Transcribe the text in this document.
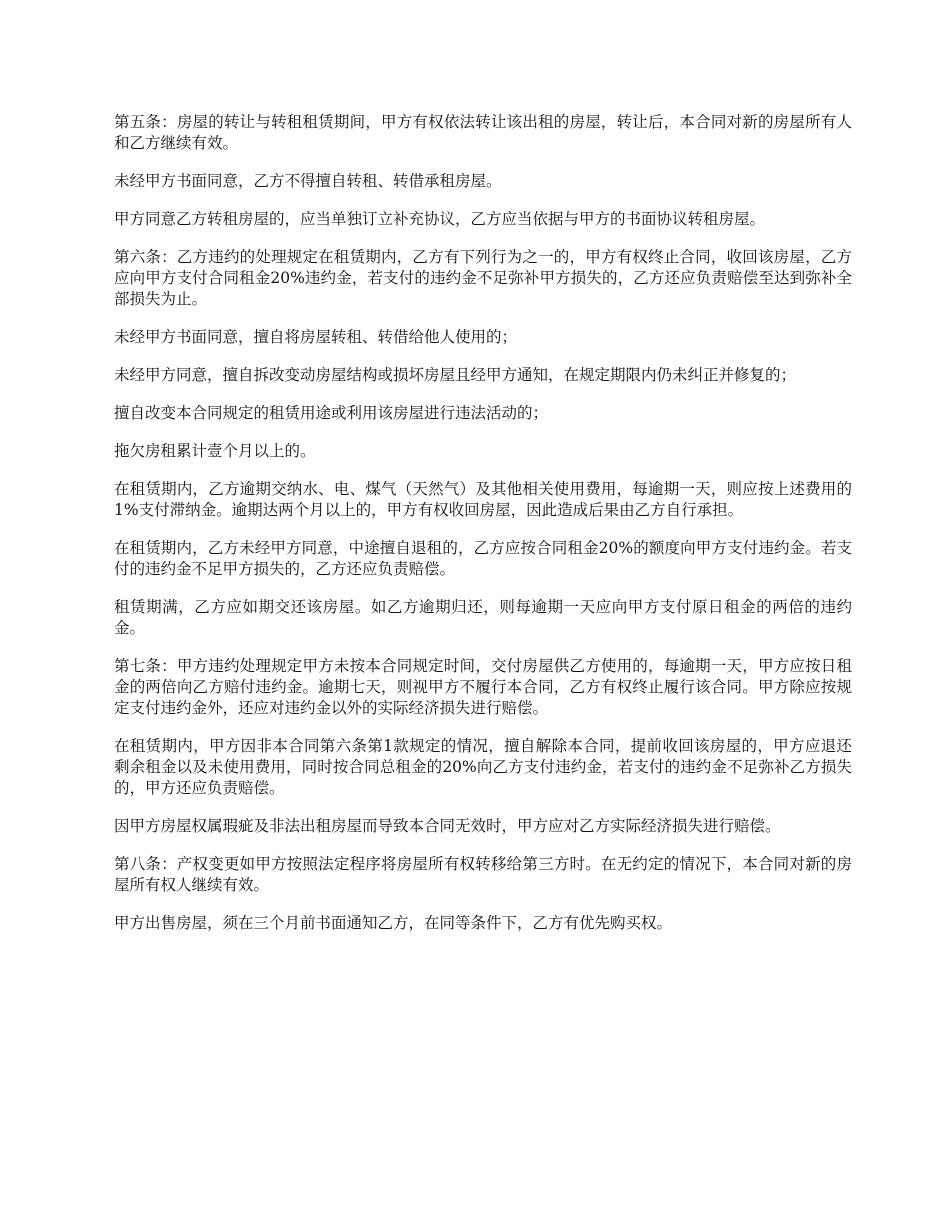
第五条：房屋的转让与转租租赁期间，甲方有权依法转让该出租的房屋，转让后，本合同对新的房屋所有人和乙方继续有效。

未经甲方书面同意，乙方不得擅自转租、转借承租房屋。

甲方同意乙方转租房屋的，应当单独订立补充协议，乙方应当依据与甲方的书面协议转租房屋。

第六条：乙方违约的处理规定在租赁期内，乙方有下列行为之一的，甲方有权终止合同，收回该房屋，乙方应向甲方支付合同租金20%违约金，若支付的违约金不足弥补甲方损失的，乙方还应负责赔偿至达到弥补全部损失为止。

未经甲方书面同意，擅自将房屋转租、转借给他人使用的；

未经甲方同意，擅自拆改变动房屋结构或损坏房屋且经甲方通知，在规定期限内仍未纠正并修复的；

擅自改变本合同规定的租赁用途或利用该房屋进行违法活动的；

拖欠房租累计壹个月以上的。

在租赁期内，乙方逾期交纳水、电、煤气（天然气）及其他相关使用费用，每逾期一天，则应按上述费用的1%支付滞纳金。逾期达两个月以上的，甲方有权收回房屋，因此造成后果由乙方自行承担。

在租赁期内，乙方未经甲方同意，中途擅自退租的，乙方应按合同租金20%的额度向甲方支付违约金。若支付的违约金不足甲方损失的，乙方还应负责赔偿。

租赁期满，乙方应如期交还该房屋。如乙方逾期归还，则每逾期一天应向甲方支付原日租金的两倍的违约金。

第七条：甲方违约处理规定甲方未按本合同规定时间，交付房屋供乙方使用的，每逾期一天，甲方应按日租金的两倍向乙方赔付违约金。逾期七天，则视甲方不履行本合同，乙方有权终止履行该合同。甲方除应按规定支付违约金外，还应对违约金以外的实际经济损失进行赔偿。

在租赁期内，甲方因非本合同第六条第1款规定的情况，擅自解除本合同，提前收回该房屋的，甲方应退还剩余租金以及未使用费用，同时按合同总租金的20%向乙方支付违约金，若支付的违约金不足弥补乙方损失的，甲方还应负责赔偿。

因甲方房屋权属瑕疵及非法出租房屋而导致本合同无效时，甲方应对乙方实际经济损失进行赔偿。

第八条：产权变更如甲方按照法定程序将房屋所有权转移给第三方时。在无约定的情况下，本合同对新的房屋所有权人继续有效。

甲方出售房屋，须在三个月前书面通知乙方，在同等条件下，乙方有优先购买权。
